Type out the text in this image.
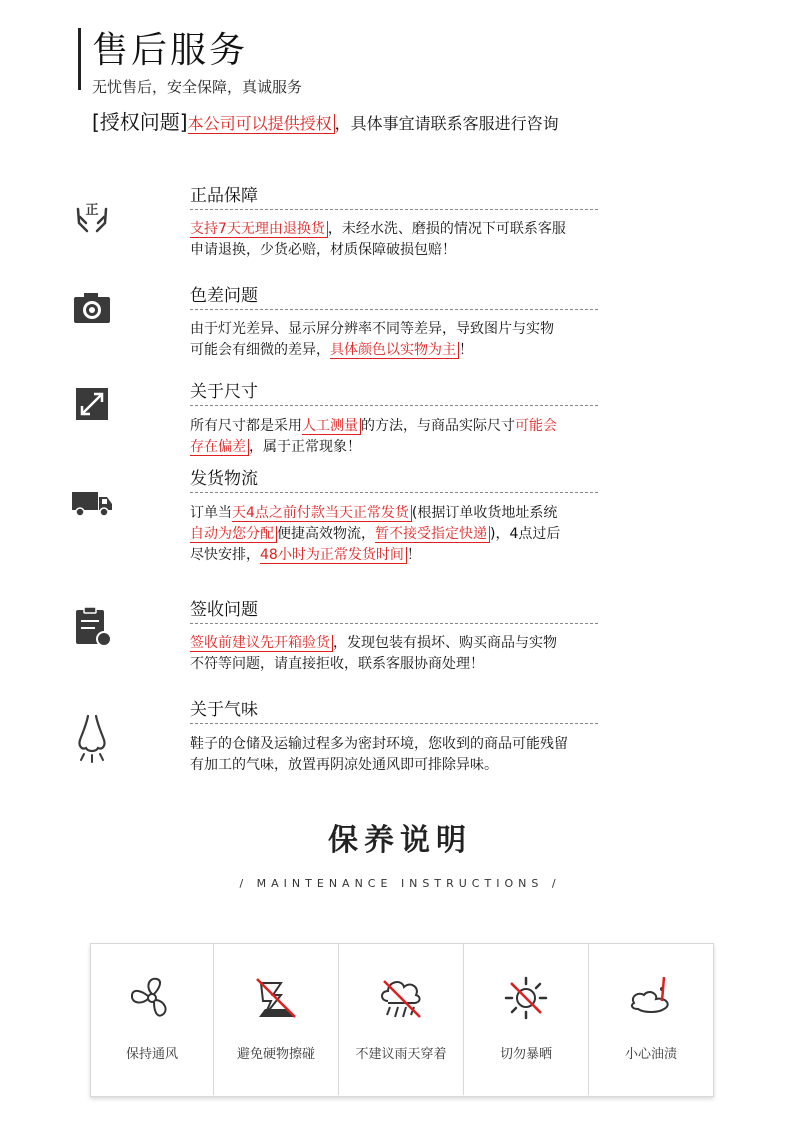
售后服务
无忧售后，安全保障，真诚服务
[授权问题]本公司可以提供授权 ，具体事宜请联系客服进行咨询
正
正品保障
支持7天无理由退换货 ，未经水洗、磨损的情况下可联系客服
申请退换，少货必赔，材质保障破损包赔！
色差问题
由于灯光差异、显示屏分辨率不同等差异，导致图片与实物
可能会有细微的差异，具体颜色以实物为主 ！
关于尺寸
所有尺寸都是采用人工测量 的方法，与商品实际尺寸可能会
存在偏差 ，属于正常现象！
发货物流
订单当天4点之前付款当天正常发货 (根据订单收货地址系统
自动为您分配 便捷高效物流，暂不接受指定快递 )，4点过后
尽快安排，48小时为正常发货时间 ！
签收问题
签收前建议先开箱验货 ，发现包装有损坏、购买商品与实物
不符等问题，请直接拒收，联系客服协商处理！
关于气味
鞋子的仓储及运输过程多为密封环境，您收到的商品可能残留
有加工的气味，放置再阴凉处通风即可排除异味。
保养说明
/ MAINTENANCE INSTRUCTIONS /
保持通风	避免硬物擦碰	不建议雨天穿着	切勿暴晒	小心油渍
